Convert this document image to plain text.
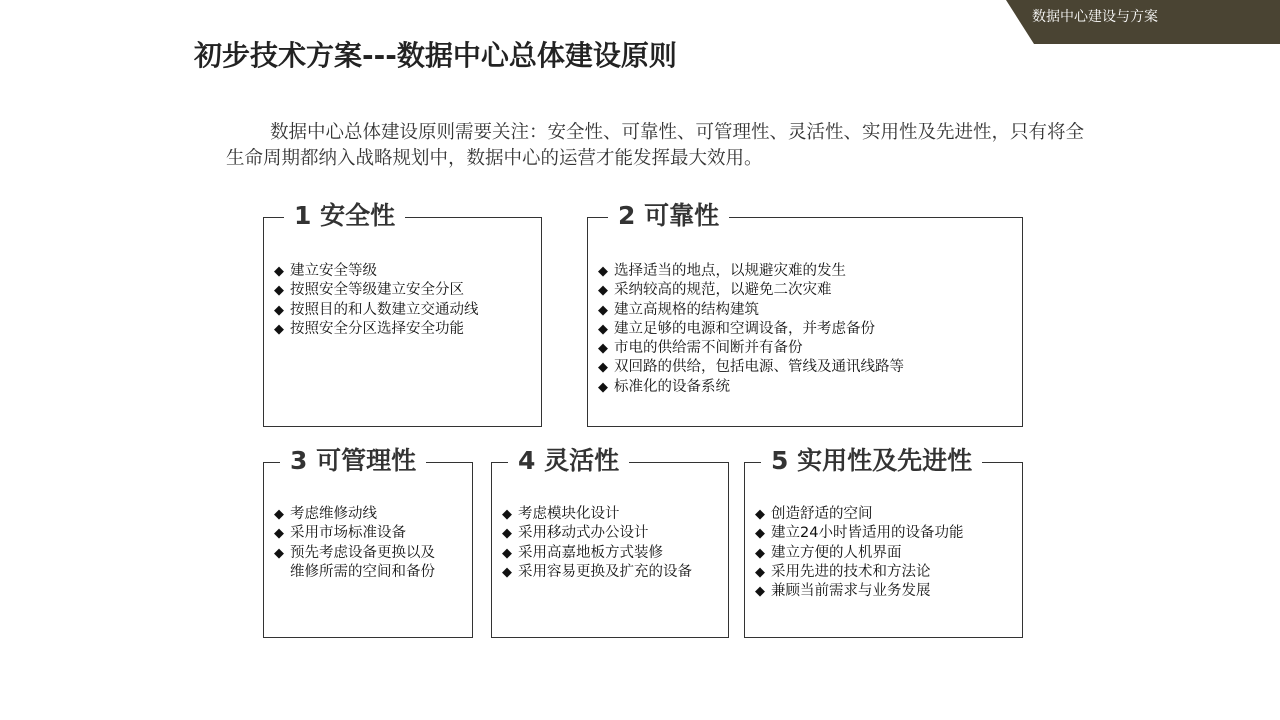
数据中心建设与方案
初步技术方案---数据中心总体建设原则
数据中心总体建设原则需要关注：安全性、可靠性、可管理性、灵活性、实用性及先进性，只有将全生命周期都纳入战略规划中，数据中心的运营才能发挥最大效用。
1 安全性
◆ 建立安全等级
◆ 按照安全等级建立安全分区
◆ 按照目的和人数建立交通动线
◆ 按照安全分区选择安全功能
2 可靠性
◆ 选择适当的地点，以规避灾难的发生
◆ 采纳较高的规范，以避免二次灾难
◆ 建立高规格的结构建筑
◆ 建立足够的电源和空调设备，并考虑备份
◆ 市电的供给需不间断并有备份
◆ 双回路的供给，包括电源、管线及通讯线路等
◆ 标准化的设备系统
3 可管理性
◆ 考虑维修动线
◆ 采用市场标准设备
◆ 预先考虑设备更换以及
维修所需的空间和备份
4 灵活性
◆ 考虑模块化设计
◆ 采用移动式办公设计
◆ 采用高嘉地板方式装修
◆ 采用容易更换及扩充的设备
5 实用性及先进性
◆ 创造舒适的空间
◆ 建立24小时皆适用的设备功能
◆ 建立方便的人机界面
◆ 采用先进的技术和方法论
◆ 兼顾当前需求与业务发展
